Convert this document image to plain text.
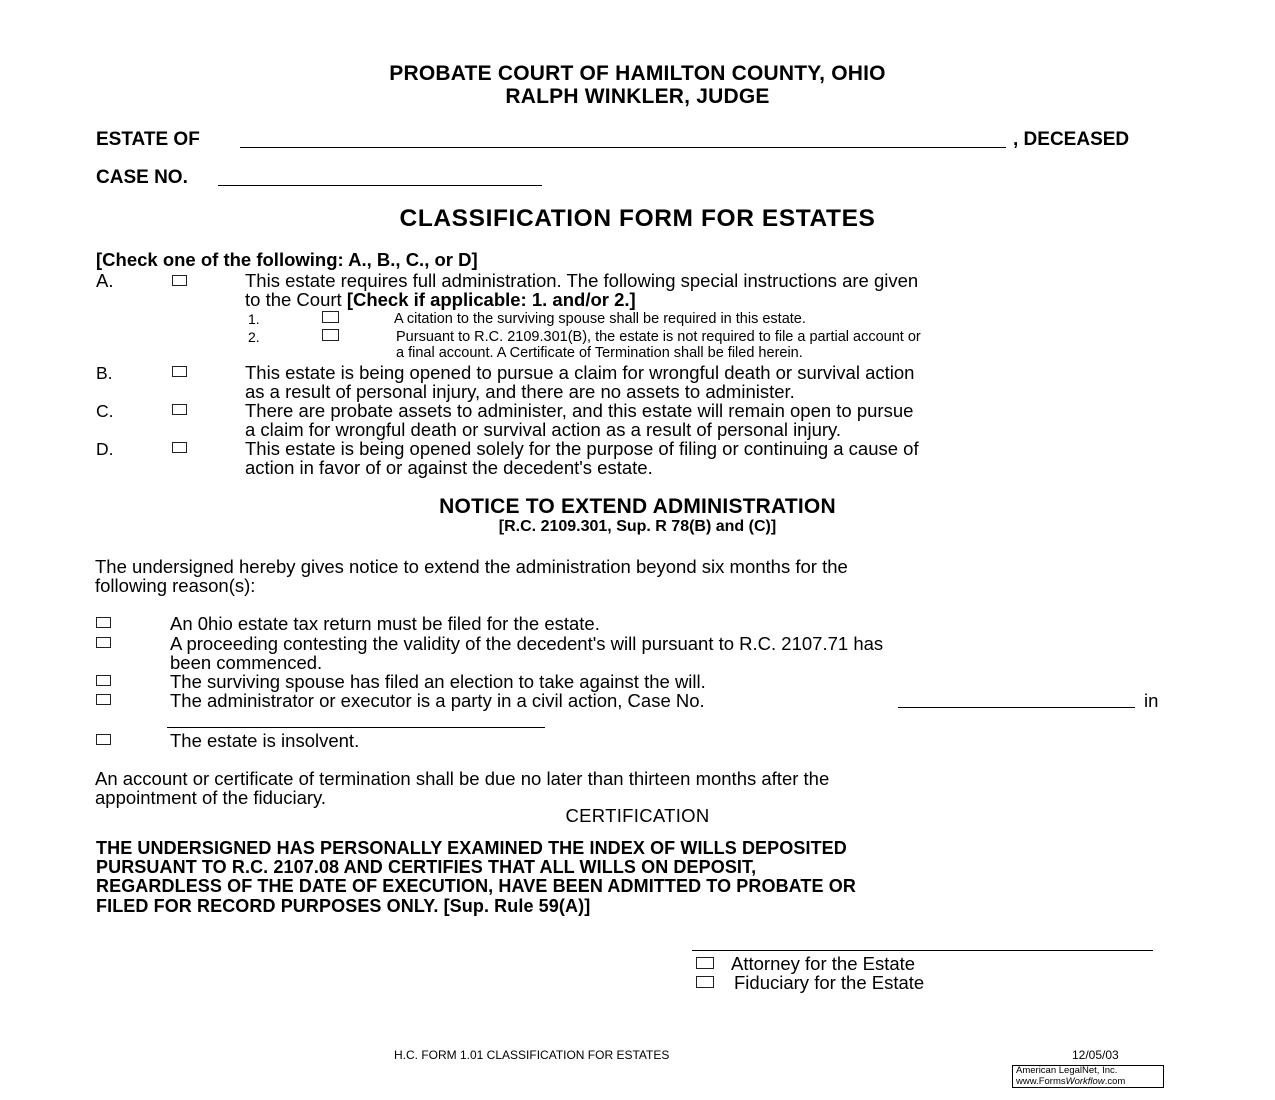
PROBATE COURT OF HAMILTON COUNTY, OHIO
RALPH WINKLER, JUDGE
ESTATE OF	, DECEASED
CASE NO.
CLASSIFICATION FORM FOR ESTATES
[Check one of the following: A., B., C., or D]
A.	This estate requires full administration. The following special instructions are given
to the Court [Check if applicable: 1. and/or 2.]
1.	A citation to the surviving spouse shall be required in this estate.
2.	Pursuant to R.C. 2109.301(B), the estate is not required to file a partial account or
a final account. A Certificate of Termination shall be filed herein.
B.	This estate is being opened to pursue a claim for wrongful death or survival action
as a result of personal injury, and there are no assets to administer.
C.	There are probate assets to administer, and this estate will remain open to pursue
a claim for wrongful death or survival action as a result of personal injury.
D.	This estate is being opened solely for the purpose of filing or continuing a cause of
action in favor of or against the decedent's estate.
NOTICE TO EXTEND ADMINISTRATION
[R.C. 2109.301, Sup. R 78(B) and (C)]
The undersigned hereby gives notice to extend the administration beyond six months for the
following reason(s):
An 0hio estate tax return must be filed for the estate.
A proceeding contesting the validity of the decedent's will pursuant to R.C. 2107.71 has
been commenced.
The surviving spouse has filed an election to take against the will.
The administrator or executor is a party in a civil action, Case No.	in
The estate is insolvent.
An account or certificate of termination shall be due no later than thirteen months after the
appointment of the fiduciary.
CERTIFICATION
THE UNDERSIGNED HAS PERSONALLY EXAMINED THE INDEX OF WILLS DEPOSITED
PURSUANT TO R.C. 2107.08 AND CERTIFIES THAT ALL WILLS ON DEPOSIT,
REGARDLESS OF THE DATE OF EXECUTION, HAVE BEEN ADMITTED TO PROBATE OR
FILED FOR RECORD PURPOSES ONLY. [Sup. Rule 59(A)]
Attorney for the Estate
Fiduciary for the Estate
H.C. FORM 1.01 CLASSIFICATION FOR ESTATES	12/05/03
American LegalNet, Inc.
www.FormsWorkflow.com
